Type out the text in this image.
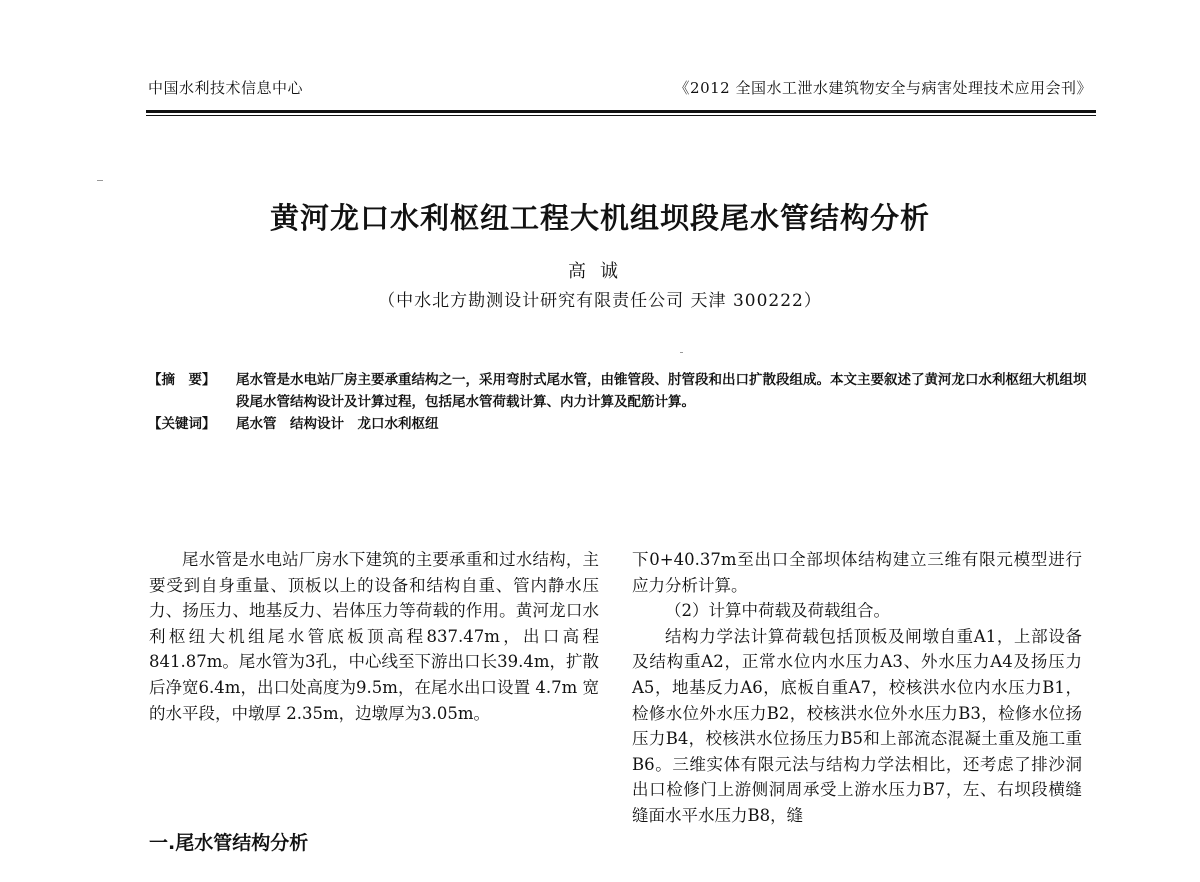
中国水利技术信息中心	《2012 全国水工泄水建筑物安全与病害处理技术应用会刊》
黄河龙口水利枢纽工程大机组坝段尾水管结构分析
高诚
（中水北方勘测设计研究有限责任公司 天津 300222）
【摘　要】	尾水管是水电站厂房主要承重结构之一，采用弯肘式尾水管，由锥管段、肘管段和出口扩散段组成。本文主要叙述了黄河龙口水利枢纽大机组坝段尾水管结构设计及计算过程，包括尾水管荷载计算、内力计算及配筋计算。
【关键词】	尾水管　结构设计　龙口水利枢纽

尾水管是水电站厂房水下建筑的主要承重和过水结构，主要受到自身重量、顶板以上的设备和结构自重、管内静水压力、扬压力、地基反力、岩体压力等荷载的作用。黄河龙口水利枢纽大机组尾水管底板顶高程837.47m，出口高程841.87m。尾水管为3孔，中心线至下游出口长39.4m，扩散后净宽6.4m，出口处高度为9.5m，在尾水出口设置 4.7m 宽的水平段，中墩厚 2.35m，边墩厚为3.05m。

一.尾水管结构分析

下0+40.37m至出口全部坝体结构建立三维有限元模型进行应力分析计算。

（2）计算中荷载及荷载组合。

结构力学法计算荷载包括顶板及闸墩自重A1，上部设备及结构重A2，正常水位内水压力A3、外水压力A4及扬压力A5，地基反力A6，底板自重A7，校核洪水位内水压力B1，检修水位外水压力B2，校核洪水位外水压力B3，检修水位扬压力B4，校核洪水位扬压力B5和上部流态混凝土重及施工重B6。三维实体有限元法与结构力学法相比，还考虑了排沙洞出口检修门上游侧洞周承受上游水压力B7，左、右坝段横缝缝面水平水压力B8，缝
